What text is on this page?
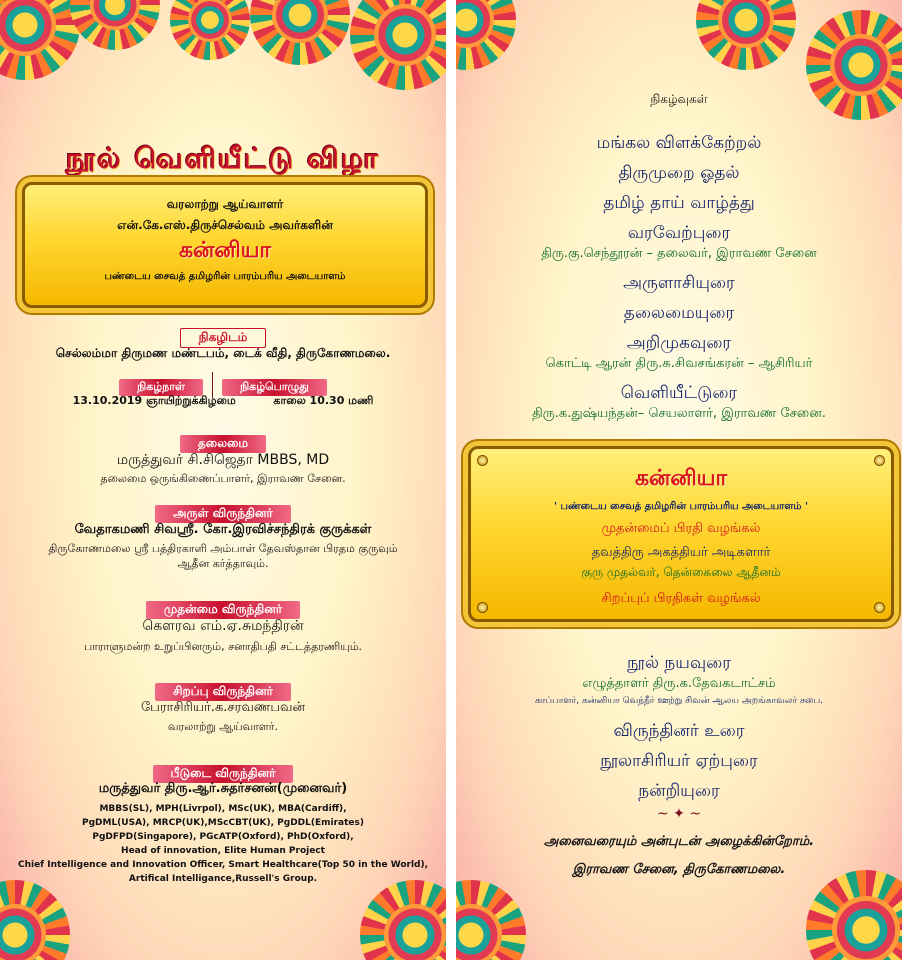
நூல் வெளியீட்டு விழா
வரலாற்று ஆய்வாளர்
என்.கே.எஸ்.திருச்செல்வம் அவர்களின்
கன்னியா
பண்டைய சைவத் தமிழரின் பாரம்பரிய அடையாளம்
நிகழிடம்
செல்லம்மா திருமண மண்டபம், டைக் வீதி, திருகோணமலை.
நிகழ்நாள்	நிகழ்பொழுது
13.10.2019 ஞாயிற்றுக்கிழமை	காலை 10.30 மணி
தலைமை
மருத்துவர் சி.சிஜெதா MBBS, MD
தலைமை ஒருங்கிணைப்பாளர், இராவண சேனை.
அருள் விருந்தினர்
வேதாகமணி சிவஸ்ரீ. கோ.இரவிச்சந்திரக் குருக்கள்
திருகோணமலை ஸ்ரீ பத்திரகாளி அம்பாள் தேவஸ்தான பிரதம குருவும் ஆதீன கர்த்தாவும்.
முதன்மை விருந்தினர்
கௌரவ எம்.ஏ.சுமந்திரன்
பாராளுமன்ற உறுப்பினரும், சனாதிபதி சட்டத்தரணியும்.
சிறப்பு விருந்தினர்
பேராசிரியர்.க.சரவணபவன்
வரலாற்று ஆய்வாளர்.
பீடுடை விருந்தினர்
மருத்துவர் திரு.ஆர்.சுதர்சனன்(முனைவர்)
MBBS(SL), MPH(Livrpol), MSc(UK), MBA(Cardiff),
PgDML(USA), MRCP(UK),MScCBT(UK), PgDDL(Emirates)
PgDFPD(Singapore), PGcATP(Oxford), PhD(Oxford),
Head of innovation, Elite Human Project
Chief Intelligence and Innovation Officer, Smart Healthcare(Top 50 in the World),
Artifical Intelligance,Russell's Group.
நிகழ்வுகள்
மங்கல விளக்கேற்றல்
திருமுறை ஓதல்
தமிழ் தாய் வாழ்த்து
வரவேற்புரை
திரு.கு.செந்தூரன் – தலைவர், இராவண சேனை
அருளாசியுரை
தலைமையுரை
அறிமுகவுரை
கொட்டி ஆரன் திரு.சு.சிவசங்கரன் – ஆசிரியர்
வெளியீட்டுரை
திரு.க.துஷ்யந்தன்– செயலாளர், இராவண சேனை.
கன்னியா
' பண்டைய சைவத் தமிழரின் பாரம்பரிய அடையாளம் '
முதன்மைப் பிரதி வழங்கல்
தவத்திரு அகத்தியர் அடிகளார்
குரு முதல்வர், தென்கைலை ஆதீனம்
சிறப்புப் பிரதிகள் வழங்கல்
நூல் நயவுரை
எழுத்தாளர் திரு.க.தேவகடாட்சம்
காப்பாளர், கன்னியா வெந்நீர் ஊற்று சிவன் ஆலய அறங்காவலர் சபை.
விருந்தினர் உரை
நூலாசிரியர் ஏற்புரை
நன்றியுரை
~ ✦ ~
அனைவரையும் அன்புடன் அழைக்கின்றோம்.
இராவண சேனை, திருகோணமலை.
